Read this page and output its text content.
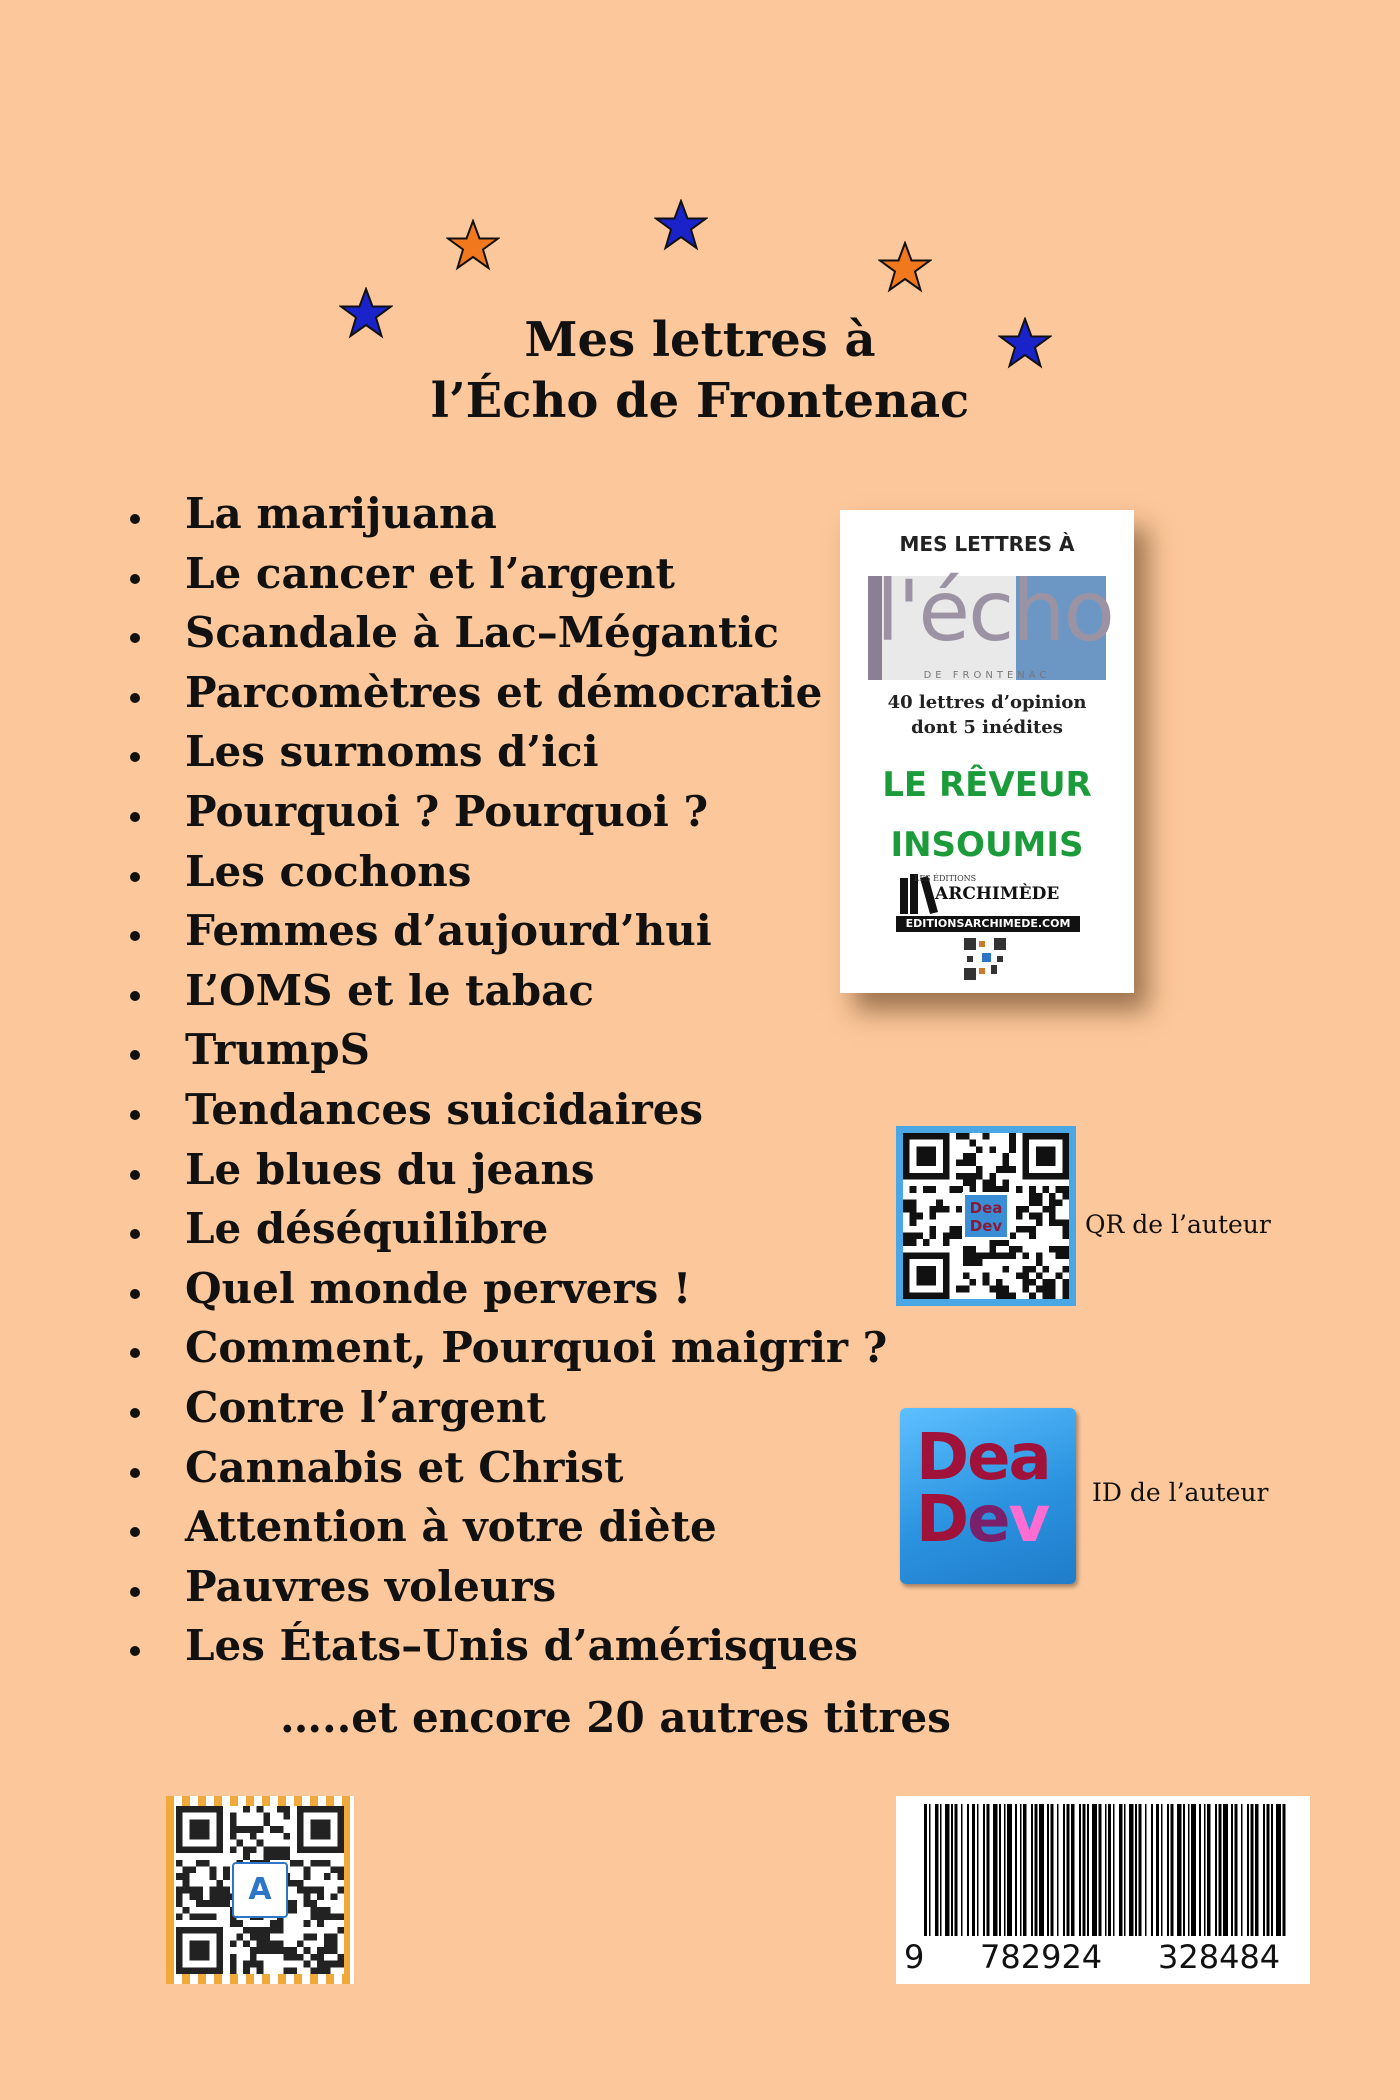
Mes lettres à
l’Écho de Frontenac
La marijuana
Le cancer et l’argent
Scandale à Lac–Mégantic
Parcomètres et démocratie
Les surnoms d’ici
Pourquoi ? Pourquoi ?
Les cochons
Femmes d’aujourd’hui
L’OMS et le tabac
TrumpS
Tendances suicidaires
Le blues du jeans
Le déséquilibre
Quel monde pervers !
Comment, Pourquoi maigrir ?
Contre l’argent
Cannabis et Christ
Attention à votre diète
Pauvres voleurs
Les États–Unis d’amérisques
…..et encore 20 autres titres
MES LETTRES À
l'écho
DE FRONTENAC
40 lettres d’opinion
dont 5 inédites
LE RÊVEUR
INSOUMIS
LES ÉDITIONS
ARCHIMÈDE
EDITIONSARCHIMEDE.COM
Dea
Dev	QR de l’auteur
Dea
Dev ID de l’auteur
A
9 782924 328484
